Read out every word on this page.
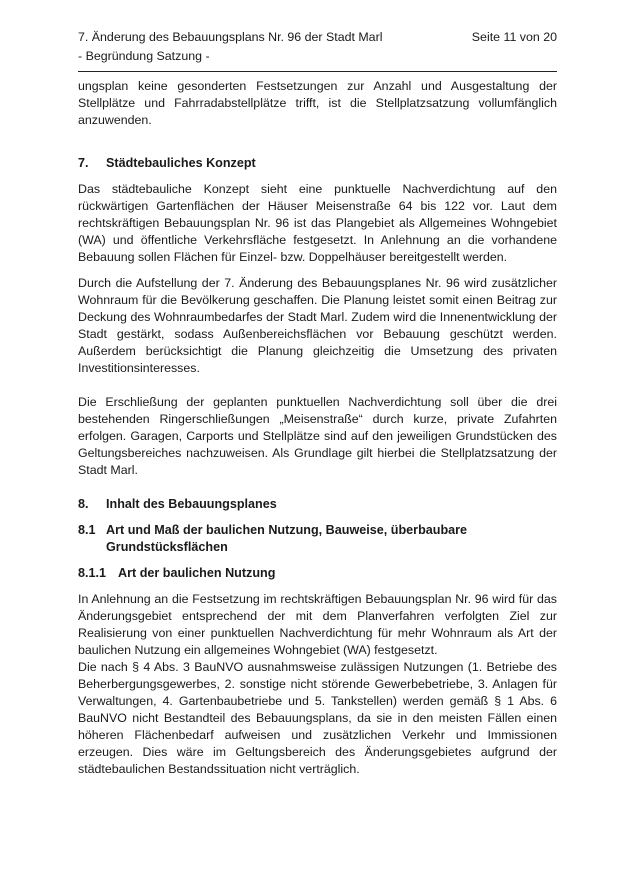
7. Änderung des Bebauungsplans Nr. 96 der Stadt Marl	Seite 11 von 20
- Begründung Satzung -

ungsplan keine gesonderten Festsetzungen zur Anzahl und Ausgestaltung der Stellplätze und Fahrradabstellplätze trifft, ist die Stellplatzsatzung vollumfänglich anzuwenden.

7.	Städtebauliches Konzept

Das städtebauliche Konzept sieht eine punktuelle Nachverdichtung auf den rückwärtigen Gartenflächen der Häuser Meisenstraße 64 bis 122 vor. Laut dem rechtskräftigen Bebauungsplan Nr. 96 ist das Plangebiet als Allgemeines Wohngebiet (WA) und öffentliche Verkehrsfläche festgesetzt. In Anlehnung an die vorhandene Bebauung sollen Flächen für Einzel- bzw. Doppelhäuser bereitgestellt werden.

Durch die Aufstellung der 7. Änderung des Bebauungsplanes Nr. 96 wird zusätzlicher Wohnraum für die Bevölkerung geschaffen. Die Planung leistet somit einen Beitrag zur Deckung des Wohnraumbedarfes der Stadt Marl. Zudem wird die Innenentwicklung der Stadt gestärkt, sodass Außenbereichsflächen vor Bebauung geschützt werden. Außerdem berücksichtigt die Planung gleichzeitig die Umsetzung des privaten Investitionsinteresses.

Die Erschließung der geplanten punktuellen Nachverdichtung soll über die drei bestehenden Ringerschließungen „Meisenstraße“ durch kurze, private Zufahrten erfolgen. Garagen, Carports und Stellplätze sind auf den jeweiligen Grundstücken des Geltungsbereiches nachzuweisen. Als Grundlage gilt hierbei die Stellplatzsatzung der Stadt Marl.

8.	Inhalt des Bebauungsplanes
8.1 Art und Maß der baulichen Nutzung, Bauweise, überbaubare Grundstücksflächen
8.1.1 Art der baulichen Nutzung

In Anlehnung an die Festsetzung im rechtskräftigen Bebauungsplan Nr. 96 wird für das Änderungsgebiet entsprechend der mit dem Planverfahren verfolgten Ziel zur Realisierung von einer punktuellen Nachverdichtung für mehr Wohnraum als Art der baulichen Nutzung ein allgemeines Wohngebiet (WA) festgesetzt.

Die nach § 4 Abs. 3 BauNVO ausnahmsweise zulässigen Nutzungen (1. Betriebe des Beherbergungsgewerbes, 2. sonstige nicht störende Gewerbebetriebe, 3. Anlagen für Verwaltungen, 4. Gartenbaubetriebe und 5. Tankstellen) werden gemäß § 1 Abs. 6 BauNVO nicht Bestandteil des Bebauungsplans, da sie in den meisten Fällen einen höheren Flächenbedarf aufweisen und zusätzlichen Verkehr und Immissionen erzeugen. Dies wäre im Geltungsbereich des Änderungsgebietes aufgrund der städtebaulichen Bestandssituation nicht verträglich.
